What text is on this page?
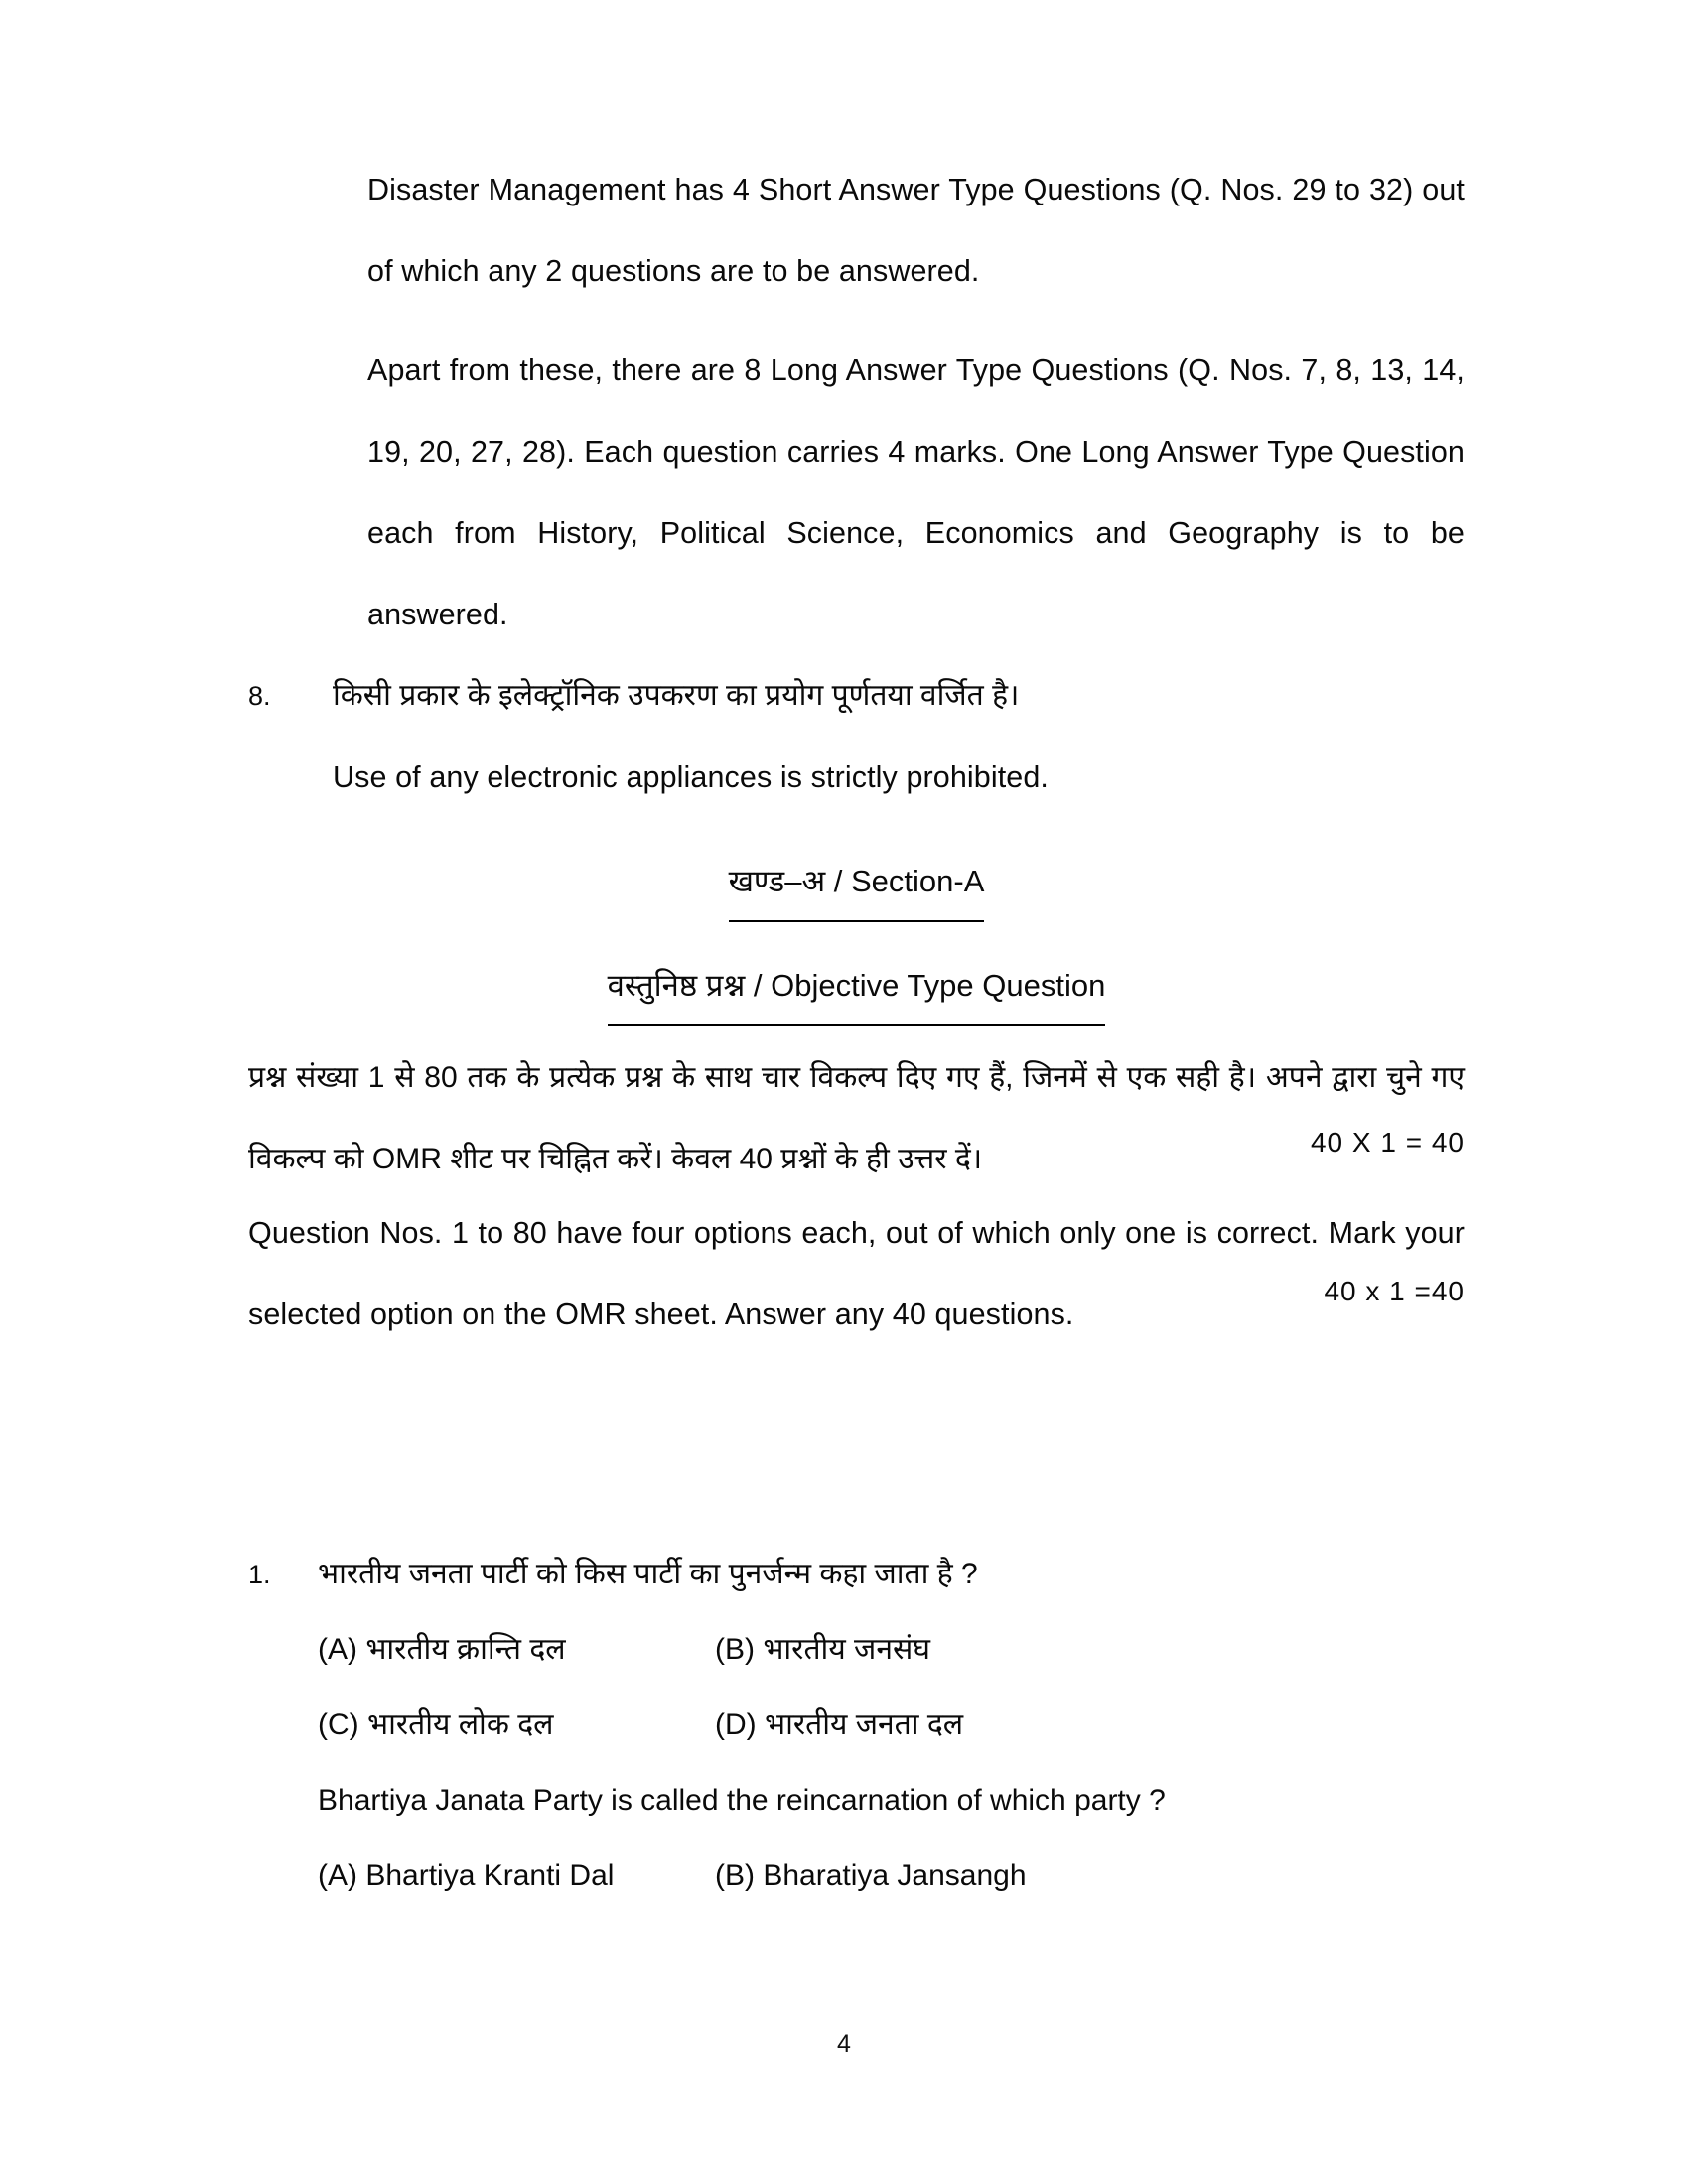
Disaster Management has 4 Short Answer Type Questions (Q. Nos. 29 to 32) out of which any 2 questions are to be answered.

Apart from these, there are 8 Long Answer Type Questions (Q. Nos. 7, 8, 13, 14, 19, 20, 27, 28). Each question carries 4 marks. One Long Answer Type Question each from History, Political Science, Economics and Geography is to be answered.

8.	किसी प्रकार के इलेक्ट्रॉनिक उपकरण का प्रयोग पूर्णतया वर्जित है।

Use of any electronic appliances is strictly prohibited.

खण्ड–अ / Section-A
वस्तुनिष्ठ प्रश्न / Objective Type Question

प्रश्न संख्या 1 से 80 तक के प्रत्येक प्रश्न के साथ चार विकल्प दिए गए हैं, जिनमें से एक सही है। अपने द्वारा चुने गए विकल्प को OMR शीट पर चिह्नित करें। केवल 40 प्रश्नों के ही उत्तर दें।

40 X 1 = 40

Question Nos. 1 to 80 have four options each, out of which only one is correct. Mark your selected option on the OMR sheet. Answer any 40 questions.

40 x 1 =40
1.	भारतीय जनता पार्टी को किस पार्टी का पुनर्जन्म कहा जाता है ?

(A) भारतीय क्रान्ति दल	(B) भारतीय जनसंघ
(C) भारतीय लोक दल	(D) भारतीय जनता दल

Bhartiya Janata Party is called the reincarnation of which party ?

(A) Bhartiya Kranti Dal	(B) Bharatiya Jansangh
4
